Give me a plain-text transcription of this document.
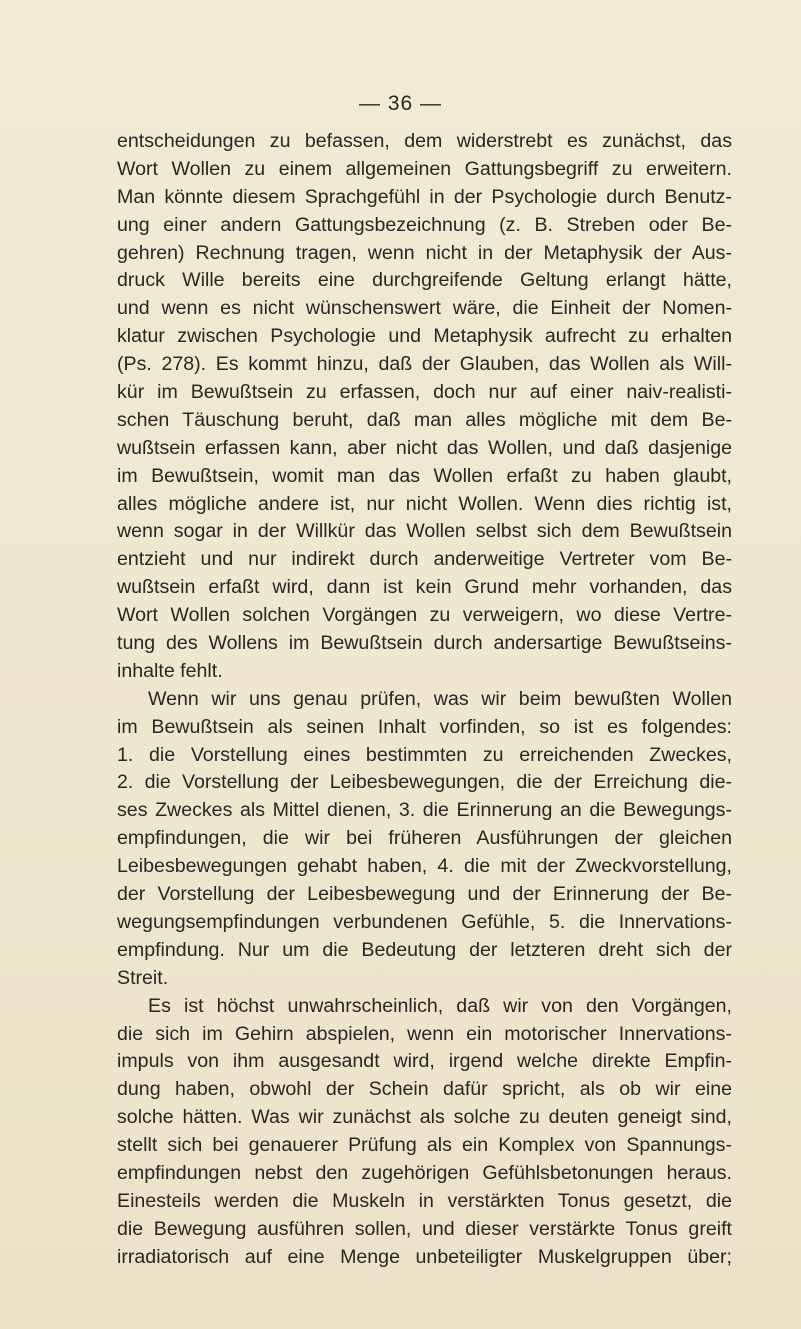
— 36 —
entscheidungen zu befassen, dem widerstrebt es zunächst, das
Wort Wollen zu einem allgemeinen Gattungsbegriff zu erweitern.
Man könnte diesem Sprachgefühl in der Psychologie durch Benutz-
ung einer andern Gattungsbezeichnung (z. B. Streben oder Be-
gehren) Rechnung tragen, wenn nicht in der Metaphysik der Aus-
druck Wille bereits eine durchgreifende Geltung erlangt hätte,
und wenn es nicht wünschenswert wäre, die Einheit der Nomen-
klatur zwischen Psychologie und Metaphysik aufrecht zu erhalten
(Ps. 278). Es kommt hinzu, daß der Glauben, das Wollen als Will-
kür im Bewußtsein zu erfassen, doch nur auf einer naiv-realisti-
schen Täuschung beruht, daß man alles mögliche mit dem Be-
wußtsein erfassen kann, aber nicht das Wollen, und daß dasjenige
im Bewußtsein, womit man das Wollen erfaßt zu haben glaubt,
alles mögliche andere ist, nur nicht Wollen. Wenn dies richtig ist,
wenn sogar in der Willkür das Wollen selbst sich dem Bewußtsein
entzieht und nur indirekt durch anderweitige Vertreter vom Be-
wußtsein erfaßt wird, dann ist kein Grund mehr vorhanden, das
Wort Wollen solchen Vorgängen zu verweigern, wo diese Vertre-
tung des Wollens im Bewußtsein durch andersartige Bewußtseins-
inhalte fehlt.
Wenn wir uns genau prüfen, was wir beim bewußten Wollen
im Bewußtsein als seinen Inhalt vorfinden, so ist es folgendes:
1. die Vorstellung eines bestimmten zu erreichenden Zweckes,
2. die Vorstellung der Leibesbewegungen, die der Erreichung die-
ses Zweckes als Mittel dienen, 3. die Erinnerung an die Bewegungs-
empfindungen, die wir bei früheren Ausführungen der gleichen
Leibesbewegungen gehabt haben, 4. die mit der Zweckvorstellung,
der Vorstellung der Leibesbewegung und der Erinnerung der Be-
wegungsempfindungen verbundenen Gefühle, 5. die Innervations-
empfindung. Nur um die Bedeutung der letzteren dreht sich der
Streit.
Es ist höchst unwahrscheinlich, daß wir von den Vorgängen,
die sich im Gehirn abspielen, wenn ein motorischer Innervations-
impuls von ihm ausgesandt wird, irgend welche direkte Empfin-
dung haben, obwohl der Schein dafür spricht, als ob wir eine
solche hätten. Was wir zunächst als solche zu deuten geneigt sind,
stellt sich bei genauerer Prüfung als ein Komplex von Spannungs-
empfindungen nebst den zugehörigen Gefühlsbetonungen heraus.
Einesteils werden die Muskeln in verstärkten Tonus gesetzt, die
die Bewegung ausführen sollen, und dieser verstärkte Tonus greift
irradiatorisch auf eine Menge unbeteiligter Muskelgruppen über;
